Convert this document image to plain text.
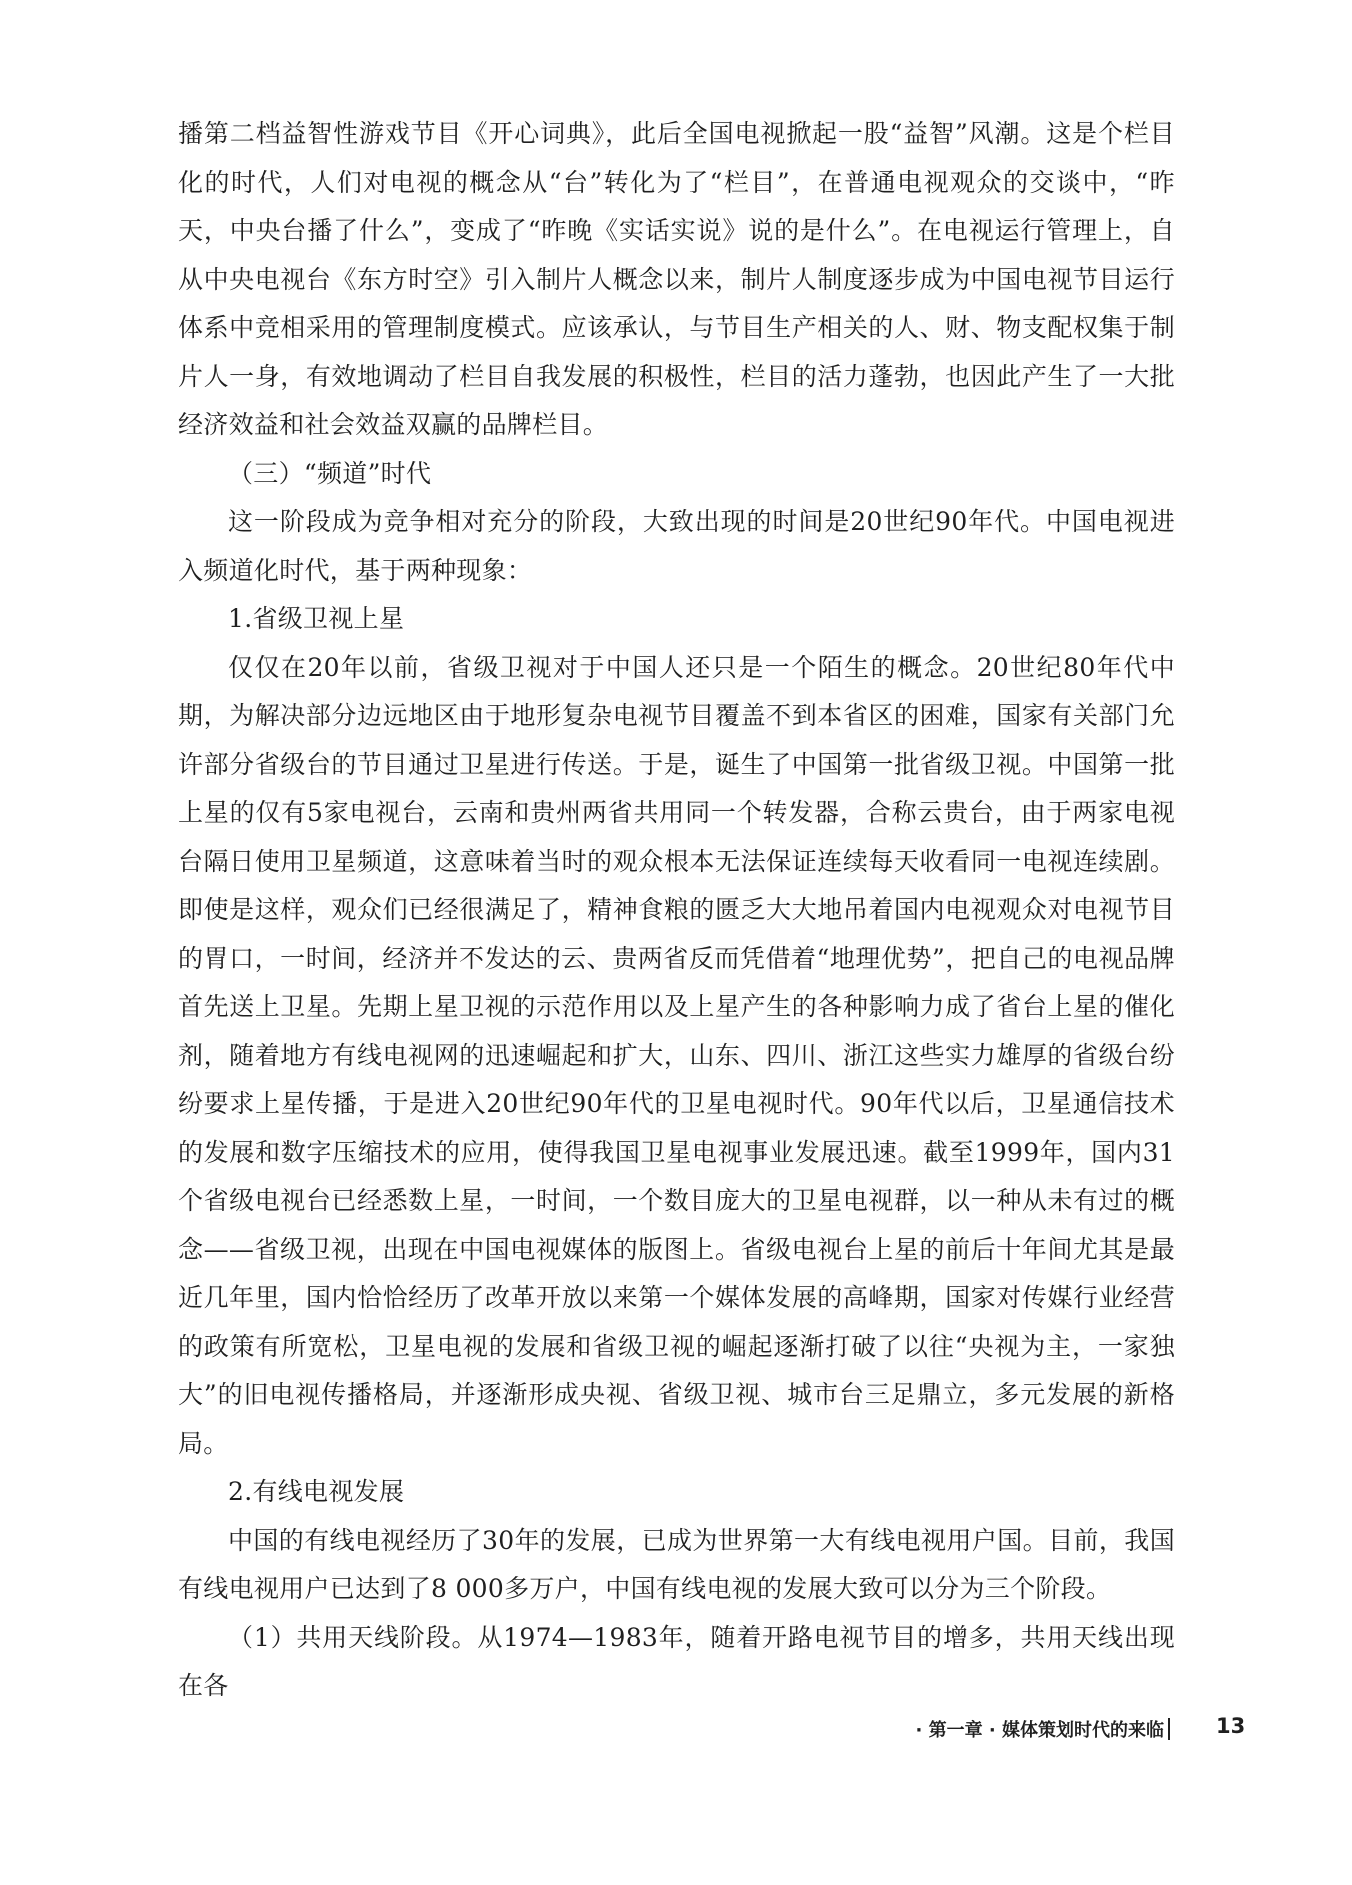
播第二档益智性游戏节目《开心词典》，此后全国电视掀起一股“益智”风潮。这是个栏目化的时代，人们对电视的概念从“台”转化为了“栏目”，在普通电视观众的交谈中，“昨天，中央台播了什么”，变成了“昨晚《实话实说》说的是什么”。在电视运行管理上，自从中央电视台《东方时空》引入制片人概念以来，制片人制度逐步成为中国电视节目运行体系中竞相采用的管理制度模式。应该承认，与节目生产相关的人、财、物支配权集于制片人一身，有效地调动了栏目自我发展的积极性，栏目的活力蓬勃，也因此产生了一大批经济效益和社会效益双赢的品牌栏目。

（三）“频道”时代

这一阶段成为竞争相对充分的阶段，大致出现的时间是20世纪90年代。中国电视进入频道化时代，基于两种现象：

1.省级卫视上星

仅仅在20年以前，省级卫视对于中国人还只是一个陌生的概念。20世纪80年代中期，为解决部分边远地区由于地形复杂电视节目覆盖不到本省区的困难，国家有关部门允许部分省级台的节目通过卫星进行传送。于是，诞生了中国第一批省级卫视。中国第一批上星的仅有5家电视台，云南和贵州两省共用同一个转发器，合称云贵台，由于两家电视台隔日使用卫星频道，这意味着当时的观众根本无法保证连续每天收看同一电视连续剧。即使是这样，观众们已经很满足了，精神食粮的匮乏大大地吊着国内电视观众对电视节目的胃口，一时间，经济并不发达的云、贵两省反而凭借着“地理优势”，把自己的电视品牌首先送上卫星。先期上星卫视的示范作用以及上星产生的各种影响力成了省台上星的催化剂，随着地方有线电视网的迅速崛起和扩大，山东、四川、浙江这些实力雄厚的省级台纷纷要求上星传播，于是进入20世纪90年代的卫星电视时代。90年代以后，卫星通信技术的发展和数字压缩技术的应用，使得我国卫星电视事业发展迅速。截至1999年，国内31个省级电视台已经悉数上星，一时间，一个数目庞大的卫星电视群，以一种从未有过的概念——省级卫视，出现在中国电视媒体的版图上。省级电视台上星的前后十年间尤其是最近几年里，国内恰恰经历了改革开放以来第一个媒体发展的高峰期，国家对传媒行业经营的政策有所宽松，卫星电视的发展和省级卫视的崛起逐渐打破了以往“央视为主，一家独大”的旧电视传播格局，并逐渐形成央视、省级卫视、城市台三足鼎立，多元发展的新格局。

2.有线电视发展

中国的有线电视经历了30年的发展，已成为世界第一大有线电视用户国。目前，我国有线电视用户已达到了8 000多万户，中国有线电视的发展大致可以分为三个阶段。

（1）共用天线阶段。从1974—1983年，随着开路电视节目的增多，共用天线出现在各

· 第一章 · 媒体策划时代的来临 13
